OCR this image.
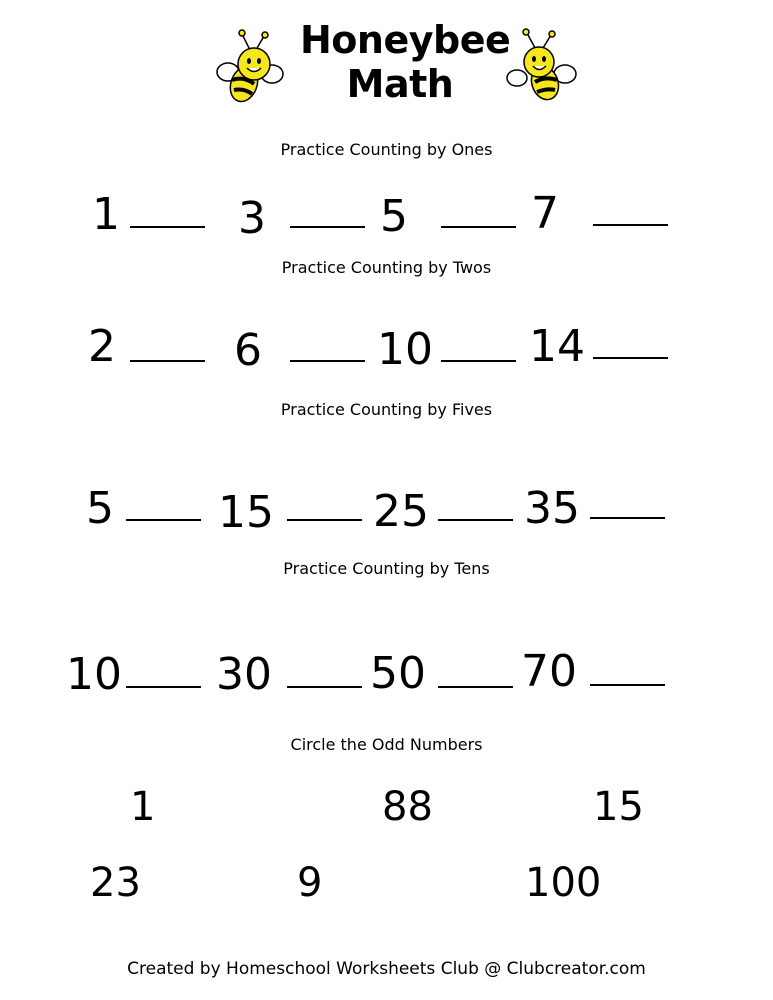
Honeybee
Math
Practice Counting by Ones
1	3	5	7
Practice Counting by Twos
2	6	10 14
Practice Counting by Fives
5 15 25 35
Practice Counting by Tens
10 30 50 70
Circle the Odd Numbers
1	88	15
23	9	100
Created by Homeschool Worksheets Club @ Clubcreator.com
